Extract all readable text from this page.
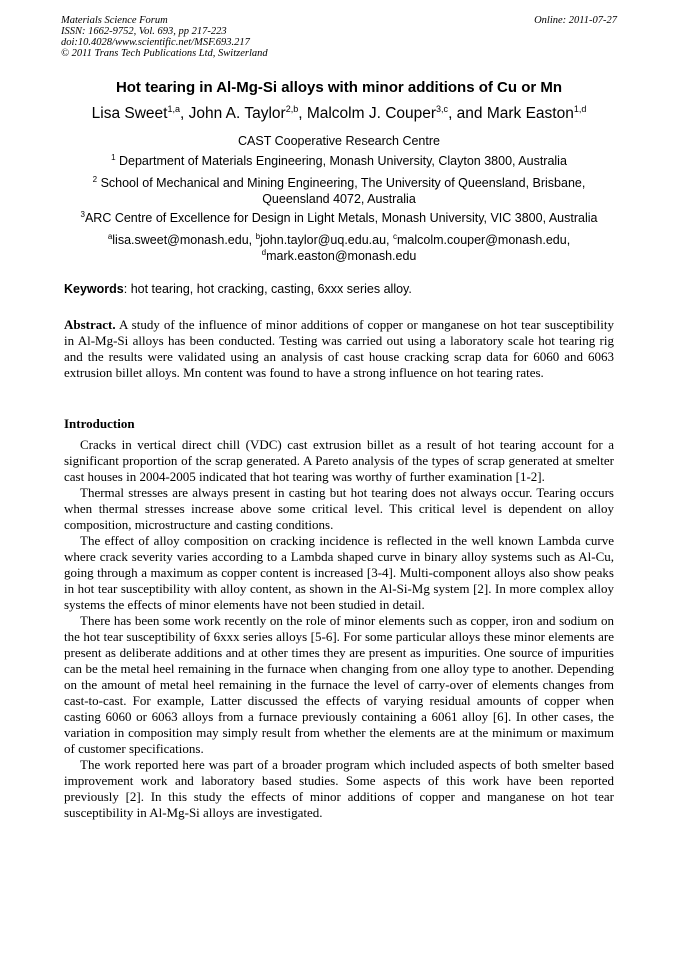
Materials Science Forum
ISSN: 1662-9752, Vol. 693, pp 217-223
doi:10.4028/www.scientific.net/MSF.693.217
© 2011 Trans Tech Publications Ltd, Switzerland
Online: 2011-07-27
Hot tearing in Al-Mg-Si alloys with minor additions of Cu or Mn
Lisa Sweet$^{1,a}$, John A. Taylor$^{2,b}$, Malcolm J. Couper$^{3,c}$, and Mark Easton$^{1,d}$
CAST Cooperative Research Centre
$^1$ Department of Materials Engineering, Monash University, Clayton 3800, Australia
$^2$ School of Mechanical and Mining Engineering, The University of Queensland, Brisbane,
Queensland 4072, Australia
$^3$ARC Centre of Excellence for Design in Light Metals, Monash University, VIC 3800, Australia
$^a$lisa.sweet@monash.edu, $^b$john.taylor@uq.edu.au, $^c$malcolm.couper@monash.edu,
$^d$mark.easton@monash.edu
Keywords: hot tearing, hot cracking, casting, 6xxx series alloy.

Abstract. A study of the influence of minor additions of copper or manganese on hot tear susceptibility in Al-Mg-Si alloys has been conducted. Testing was carried out using a laboratory scale hot tearing rig and the results were validated using an analysis of cast house cracking scrap data for 6060 and 6063 extrusion billet alloys. Mn content was found to have a strong influence on hot tearing rates.

Introduction

Cracks in vertical direct chill (VDC) cast extrusion billet as a result of hot tearing account for a significant proportion of the scrap generated. A Pareto analysis of the types of scrap generated at smelter cast houses in 2004-2005 indicated that hot tearing was worthy of further examination [1-2].

Thermal stresses are always present in casting but hot tearing does not always occur. Tearing occurs when thermal stresses increase above some critical level. This critical level is dependent on alloy composition, microstructure and casting conditions.

The effect of alloy composition on cracking incidence is reflected in the well known Lambda curve where crack severity varies according to a Lambda shaped curve in binary alloy systems such as Al-Cu, going through a maximum as copper content is increased [3-4]. Multi-component alloys also show peaks in hot tear susceptibility with alloy content, as shown in the Al-Si-Mg system [2]. In more complex alloy systems the effects of minor elements have not been studied in detail.

There has been some work recently on the role of minor elements such as copper, iron and sodium on the hot tear susceptibility of 6xxx series alloys [5-6]. For some particular alloys these minor elements are present as deliberate additions and at other times they are present as impurities. One source of impurities can be the metal heel remaining in the furnace when changing from one alloy type to another. Depending on the amount of metal heel remaining in the furnace the level of carry-over of elements changes from cast-to-cast. For example, Latter discussed the effects of varying residual amounts of copper when casting 6060 or 6063 alloys from a furnace previously containing a 6061 alloy [6]. In other cases, the variation in composition may simply result from whether the elements are at the minimum or maximum of customer specifications.

The work reported here was part of a broader program which included aspects of both smelter based improvement work and laboratory based studies. Some aspects of this work have been reported previously [2]. In this study the effects of minor additions of copper and manganese on hot tear susceptibility in Al-Mg-Si alloys are investigated.
